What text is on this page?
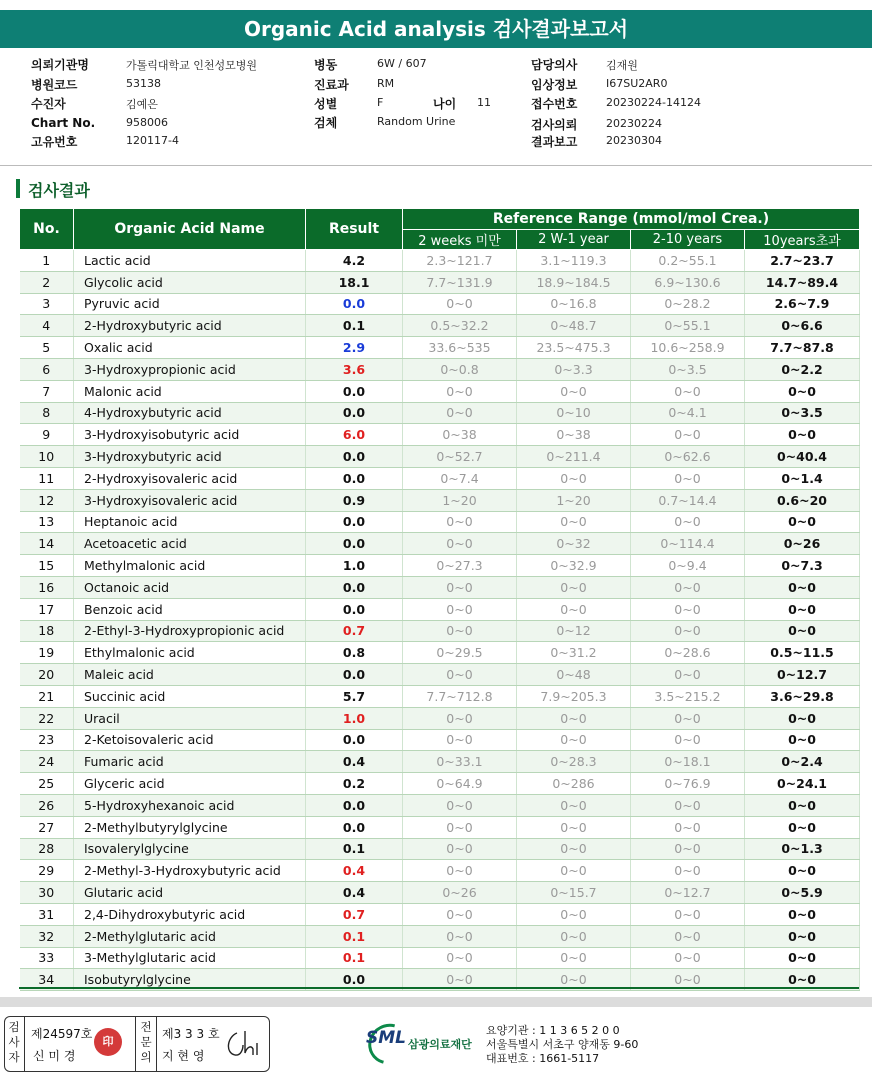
Organic Acid analysis 검사결과보고서
의뢰기관명	가톨릭대학교 인천성모병원
병원코드	53138
수진자	김예은
Chart No.	958006
고유번호	120117-4
병동	6W / 607
진료과	RM
성별	F	나이 11
검체	Random Urine
담당의사	김재원
임상정보	I67SU2AR0
접수번호	20230224-14124
검사의뢰	20230224
결과보고	20230304
검사결과
No.	Organic Acid Name	Result	Reference Range (mmol/mol Crea.)			
			2 weeks 미만	2 W-1 year	2-10 years	10years초과
1	Lactic acid	4.2	2.3~121.7	3.1~119.3	0.2~55.1	2.7~23.7
2	Glycolic acid	18.1	7.7~131.9	18.9~184.5	6.9~130.6	14.7~89.4
3	Pyruvic acid	0.0	0~0	0~16.8	0~28.2	2.6~7.9
4	2-Hydroxybutyric acid	0.1	0.5~32.2	0~48.7	0~55.1	0~6.6
5	Oxalic acid	2.9	33.6~535	23.5~475.3	10.6~258.9	7.7~87.8
6	3-Hydroxypropionic acid	3.6	0~0.8	0~3.3	0~3.5	0~2.2
7	Malonic acid	0.0	0~0	0~0	0~0	0~0
8	4-Hydroxybutyric acid	0.0	0~0	0~10	0~4.1	0~3.5
9	3-Hydroxyisobutyric acid	6.0	0~38	0~38	0~0	0~0
10	3-Hydroxybutyric acid	0.0	0~52.7	0~211.4	0~62.6	0~40.4
11	2-Hydroxyisovaleric acid	0.0	0~7.4	0~0	0~0	0~1.4
12	3-Hydroxyisovaleric acid	0.9	1~20	1~20	0.7~14.4	0.6~20
13	Heptanoic acid	0.0	0~0	0~0	0~0	0~0
14	Acetoacetic acid	0.0	0~0	0~32	0~114.4	0~26
15	Methylmalonic acid	1.0	0~27.3	0~32.9	0~9.4	0~7.3
16	Octanoic acid	0.0	0~0	0~0	0~0	0~0
17	Benzoic acid	0.0	0~0	0~0	0~0	0~0
18	2-Ethyl-3-Hydroxypropionic acid	0.7	0~0	0~12	0~0	0~0
19	Ethylmalonic acid	0.8	0~29.5	0~31.2	0~28.6	0.5~11.5
20	Maleic acid	0.0	0~0	0~48	0~0	0~12.7
21	Succinic acid	5.7	7.7~712.8	7.9~205.3	3.5~215.2	3.6~29.8
22	Uracil	1.0	0~0	0~0	0~0	0~0
23	2-Ketoisovaleric acid	0.0	0~0	0~0	0~0	0~0
24	Fumaric acid	0.4	0~33.1	0~28.3	0~18.1	0~2.4
25	Glyceric acid	0.2	0~64.9	0~286	0~76.9	0~24.1
26	5-Hydroxyhexanoic acid	0.0	0~0	0~0	0~0	0~0
27	2-Methylbutyrylglycine	0.0	0~0	0~0	0~0	0~0
28	Isovalerylglycine	0.1	0~0	0~0	0~0	0~1.3
29	2-Methyl-3-Hydroxybutyric acid	0.4	0~0	0~0	0~0	0~0
30	Glutaric acid	0.4	0~26	0~15.7	0~12.7	0~5.9
31	2,4-Dihydroxybutyric acid	0.7	0~0	0~0	0~0	0~0
32	2-Methylglutaric acid	0.1	0~0	0~0	0~0	0~0
33	3-Methylglutaric acid	0.1	0~0	0~0	0~0	0~0
34	Isobutyrylglycine	0.0	0~0	0~0	0~0	0~0
검사자
제24597호
신 미 경
전문의
제3 3 3 호
지 현 영
印	SML 삼광의료재단
요양기관 : 1 1 3 6 5 2 0 0
서울특별시 서초구 양재동 9-60
대표번호 : 1661-5117
